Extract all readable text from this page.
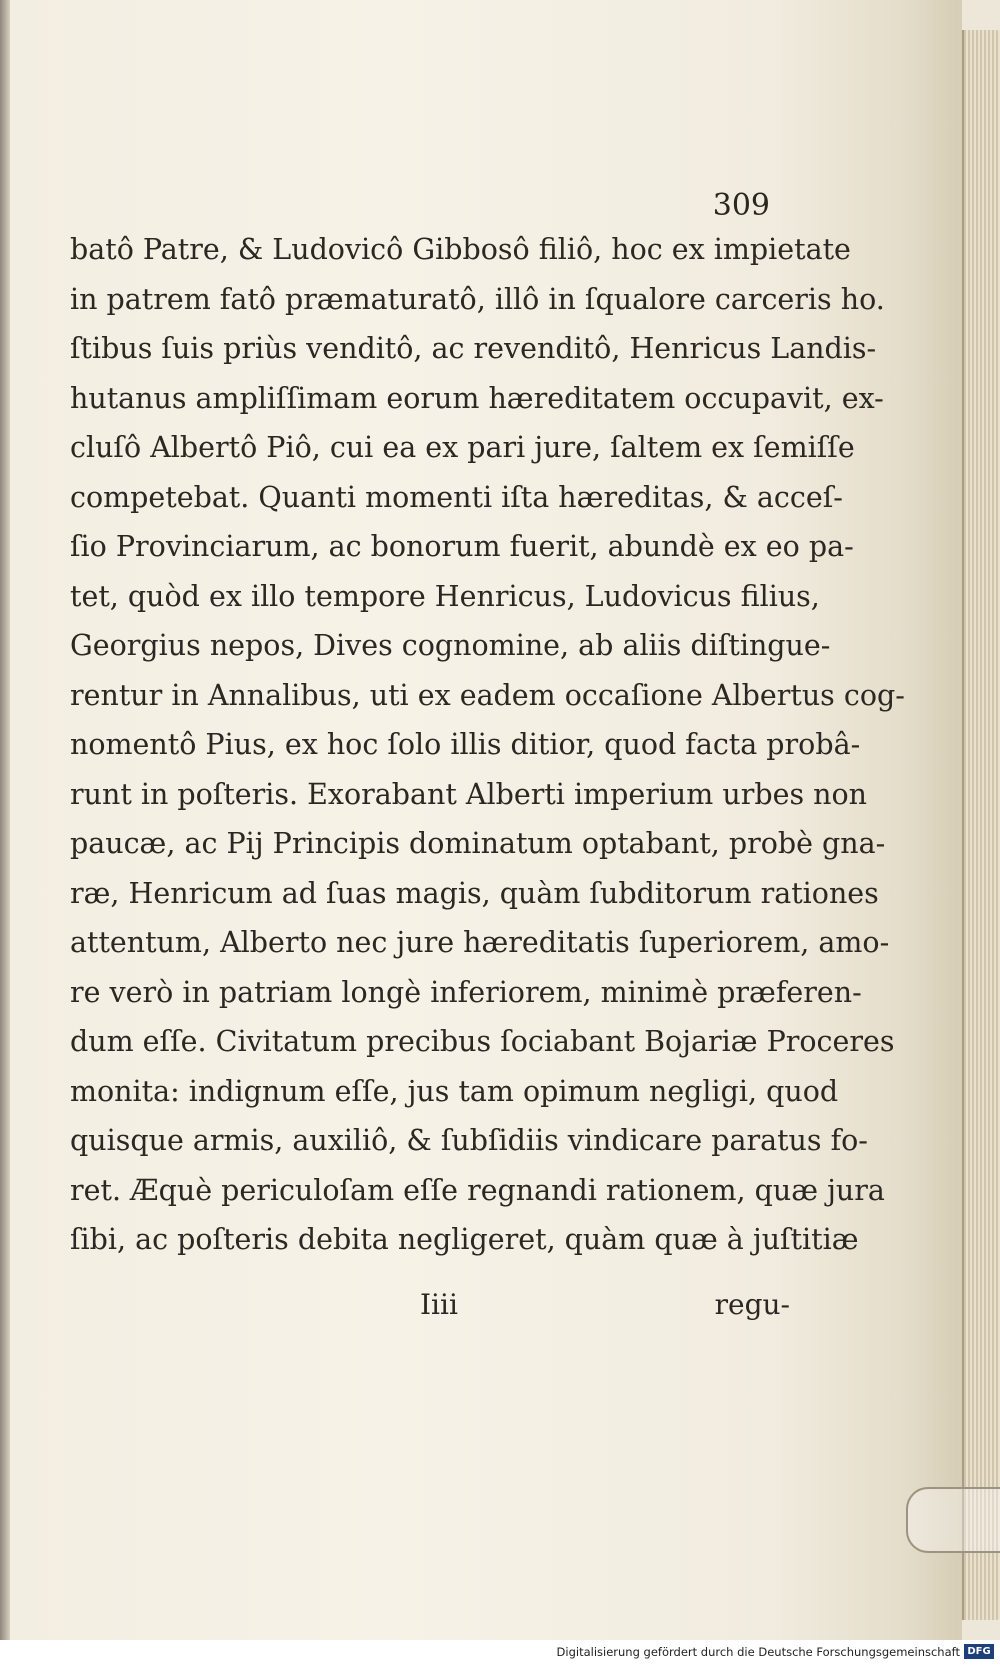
309
batô Patre, & Ludovicô Gibbosô filiô, hoc ex impietate
in patrem fatô præmaturatô, illô in ſqualore carceris ho.
ſtibus ſuis priùs venditô, ac revenditô, Henricus Landis-
hutanus ampliſſimam eorum hæreditatem occupavit, ex-
cluſô Albertô Piô, cui ea ex pari jure, ſaltem ex ſemiſſe
competebat. Quanti momenti iſta hæreditas, & acceſ-
ſio Provinciarum, ac bonorum fuerit, abundè ex eo pa-
tet, quòd ex illo tempore Henricus, Ludovicus filius,
Georgius nepos, Dives cognomine, ab aliis diſtingue-
rentur in Annalibus, uti ex eadem occaſione Albertus cog-
nomentô Pius, ex hoc ſolo illis ditior, quod facta probâ-
runt in poſteris. Exorabant Alberti imperium urbes non
paucæ, ac Pij Principis dominatum optabant, probè gna-
ræ, Henricum ad ſuas magis, quàm ſubditorum rationes
attentum, Alberto nec jure hæreditatis ſuperiorem, amo-
re verò in patriam longè inferiorem, minimè præferen-
dum eſſe. Civitatum precibus ſociabant Bojariæ Proceres
monita: indignum eſſe, jus tam opimum negligi, quod
quisque armis, auxiliô, & ſubſidiis vindicare paratus fo-
ret. Æquè periculoſam eſſe regnandi rationem, quæ jura
ſibi, ac poſteris debita negligeret, quàm quæ à juſtitiæ
Iiii	regu-
Digitalisierung gefördert durch die Deutsche Forschungsgemeinschaft DFG
